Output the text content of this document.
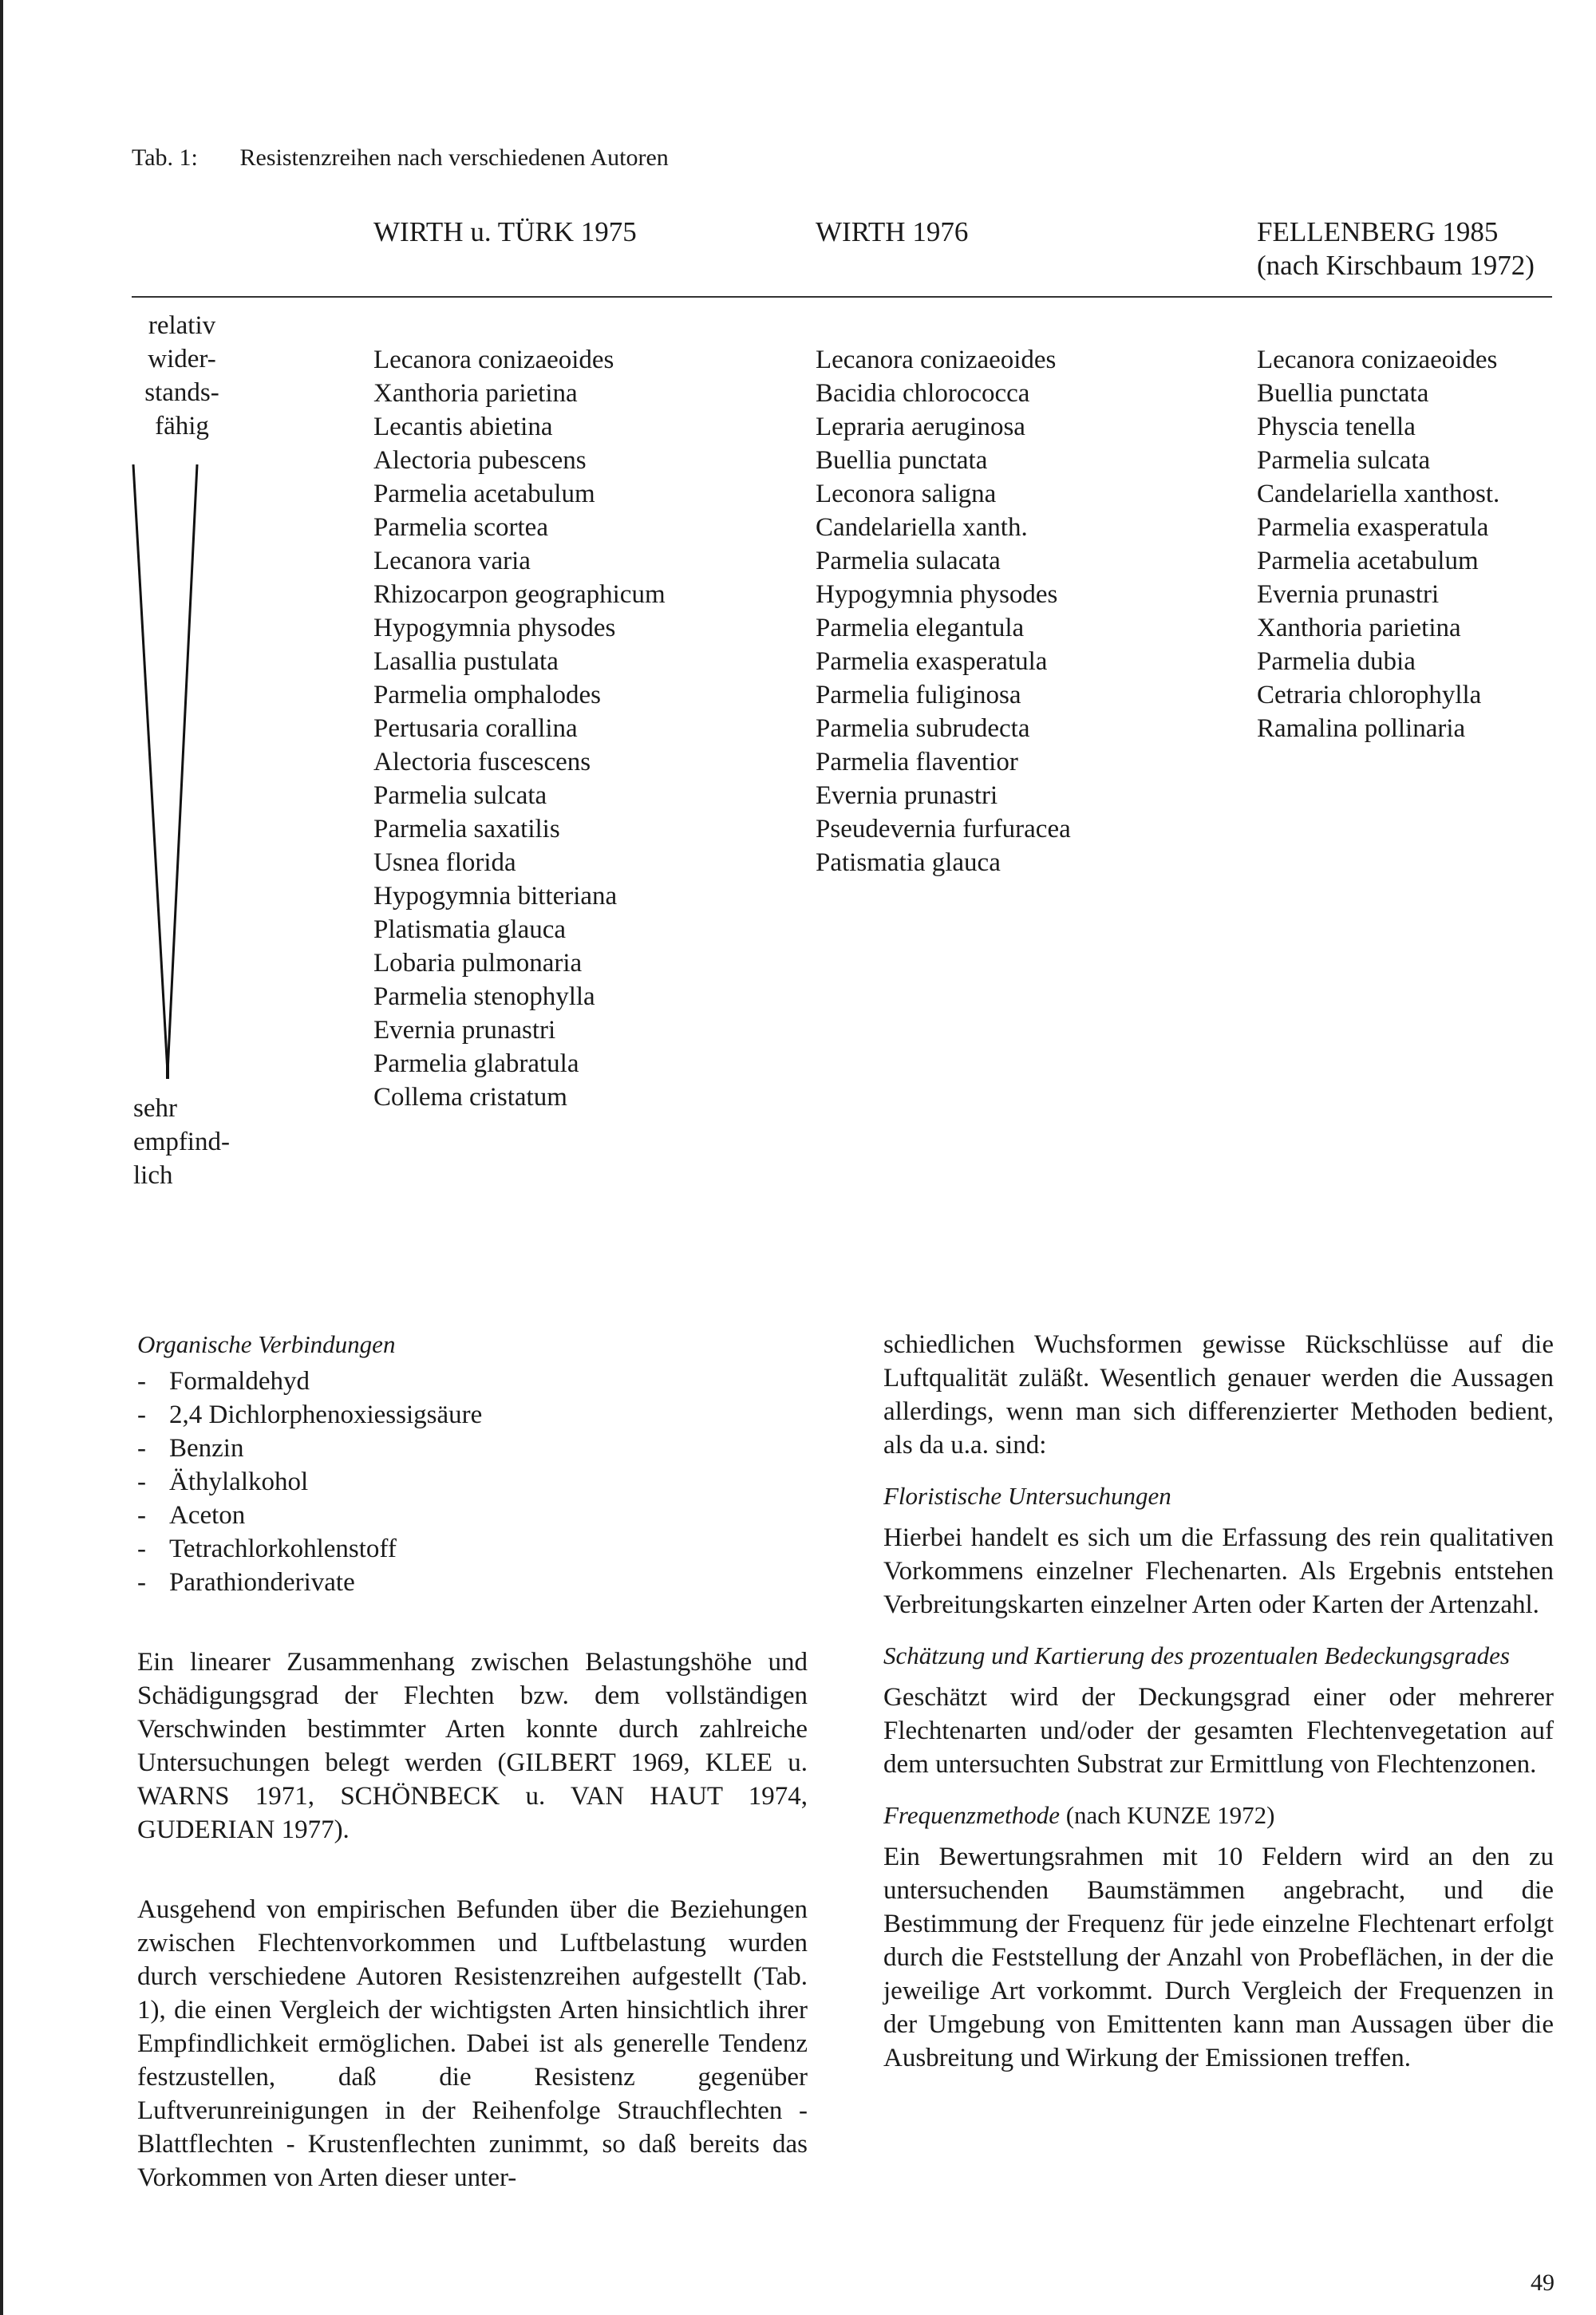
Tab. 1: Resistenzreihen nach verschiedenen Autoren
WIRTH u. TÜRK 1975	WIRTH 1976	FELLENBERG 1985
(nach Kirschbaum 1972)
relativ
wider-
stands-
fähig
sehr
empfind-
lich
Lecanora conizaeoides
Xanthoria parietina
Lecantis abietina
Alectoria pubescens
Parmelia acetabulum
Parmelia scortea
Lecanora varia
Rhizocarpon geographicum
Hypogymnia physodes
Lasallia pustulata
Parmelia omphalodes
Pertusaria corallina
Alectoria fuscescens
Parmelia sulcata
Parmelia saxatilis
Usnea florida
Hypogymnia bitteriana
Platismatia glauca
Lobaria pulmonaria
Parmelia stenophylla
Evernia prunastri
Parmelia glabratula
Collema cristatum
Lecanora conizaeoides
Bacidia chlorococca
Lepraria aeruginosa
Buellia punctata
Leconora saligna
Candelariella xanth.
Parmelia sulacata
Hypogymnia physodes
Parmelia elegantula
Parmelia exasperatula
Parmelia fuliginosa
Parmelia subrudecta
Parmelia flaventior
Evernia prunastri
Pseudevernia furfuracea
Patismatia glauca
Lecanora conizaeoides
Buellia punctata
Physcia tenella
Parmelia sulcata
Candelariella xanthost.
Parmelia exasperatula
Parmelia acetabulum
Evernia prunastri
Xanthoria parietina
Parmelia dubia
Cetraria chlorophylla
Ramalina pollinaria

Organische Verbindungen

- Formaldehyd
- 2,4 Dichlorphenoxiessigsäure
- Benzin
- Äthylalkohol
- Aceton
- Tetrachlorkohlenstoff
- Parathionderivate

Ein linearer Zusammenhang zwischen Belastungshöhe und Schädigungsgrad der Flechten bzw. dem vollständigen Verschwinden bestimmter Arten konnte durch zahlreiche Untersuchungen belegt werden (GILBERT 1969, KLEE u. WARNS 1971, SCHÖNBECK u. VAN HAUT 1974, GUDERIAN 1977).

Ausgehend von empirischen Befunden über die Beziehungen zwischen Flechtenvorkommen und Luftbelastung wurden durch verschiedene Autoren Resistenzreihen aufgestellt (Tab. 1), die einen Vergleich der wichtigsten Arten hinsichtlich ihrer Empfindlichkeit ermöglichen. Dabei ist als generelle Tendenz festzustellen, daß die Resistenz gegenüber Luftverunreinigungen in der Reihenfolge Strauchflechten - Blattflechten - Krustenflechten zunimmt, so daß bereits das Vorkommen von Arten dieser unter-

schiedlichen Wuchsformen gewisse Rückschlüsse auf die Luftqualität zuläßt. Wesentlich genauer werden die Aussagen allerdings, wenn man sich differenzierter Methoden bedient, als da u.a. sind:

Floristische Untersuchungen

Hierbei handelt es sich um die Erfassung des rein qualitativen Vorkommens einzelner Flechenarten. Als Ergebnis entstehen Verbreitungskarten einzelner Arten oder Karten der Artenzahl.

Schätzung und Kartierung des prozentualen Bedeckungsgrades

Geschätzt wird der Deckungsgrad einer oder mehrerer Flechtenarten und/oder der gesamten Flechtenvegetation auf dem untersuchten Substrat zur Ermittlung von Flechtenzonen.

Frequenzmethode (nach KUNZE 1972)

Ein Bewertungsrahmen mit 10 Feldern wird an den zu untersuchenden Baumstämmen angebracht, und die Bestimmung der Frequenz für jede einzelne Flechtenart erfolgt durch die Feststellung der Anzahl von Probeflächen, in der die jeweilige Art vorkommt. Durch Vergleich der Frequenzen in der Umgebung von Emittenten kann man Aussagen über die Ausbreitung und Wirkung der Emissionen treffen.

49
